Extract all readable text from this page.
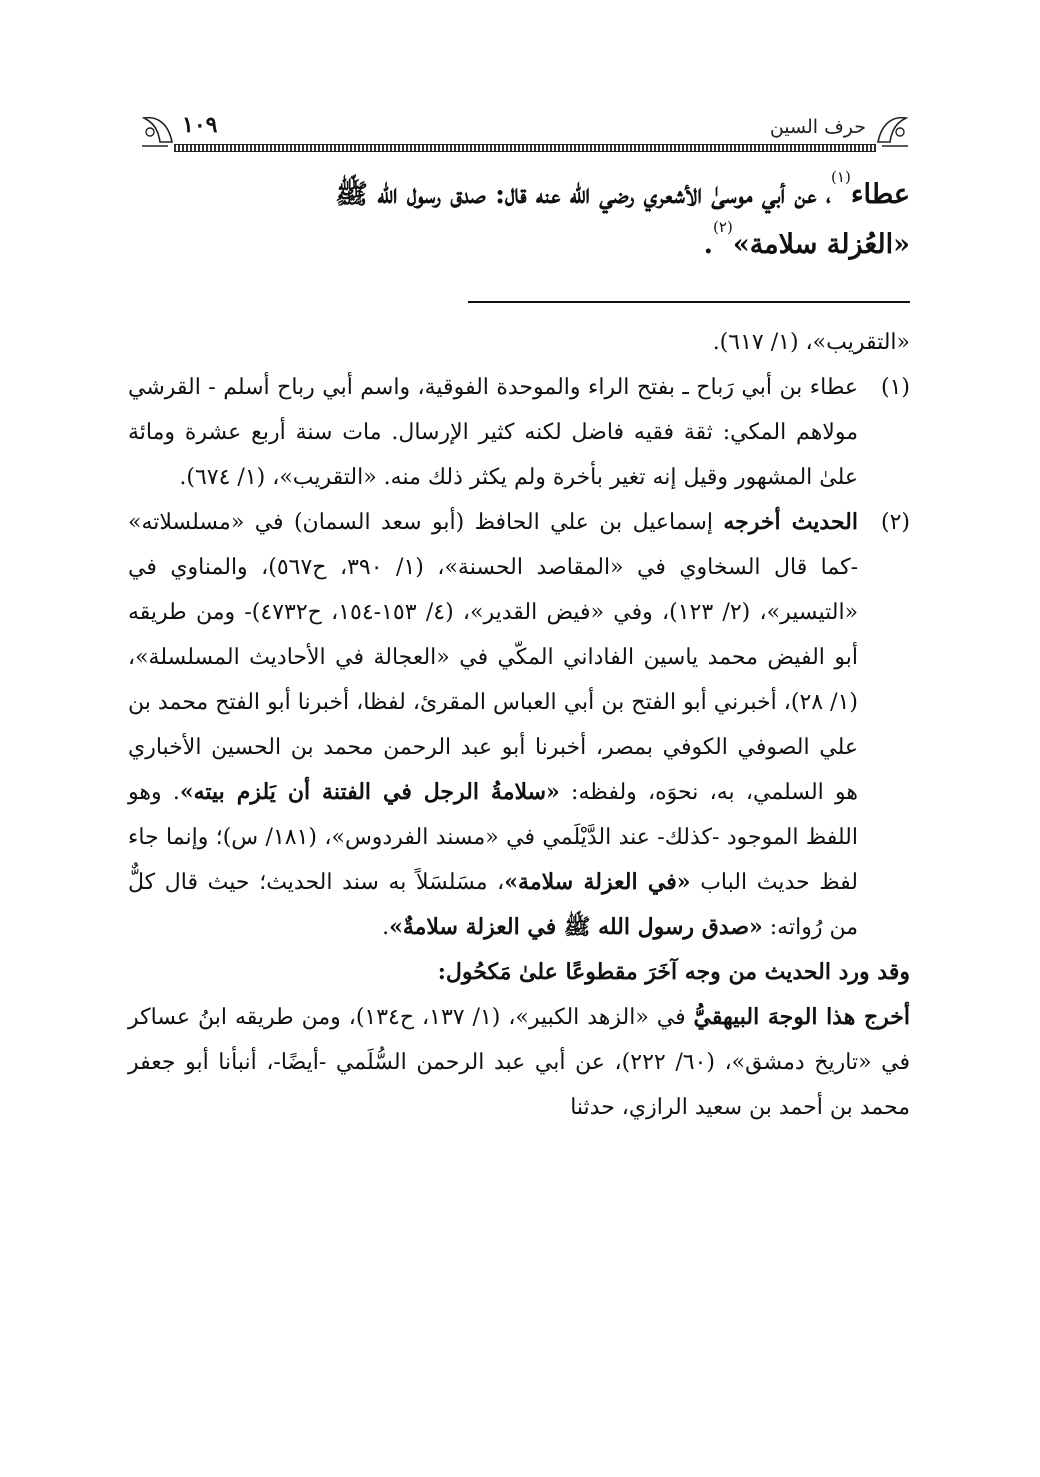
حرف السين
١٠٩

عطاء$^{(١)}$، عن أبي موسىٰ الأشعري رضي الله عنه قال: صدق رسول الله ﷺ

«العُزلة سلامة»$^{(٢)}$.

«التقريب»، (١/ ٦١٧).

(١)
عطاء بن أبي رَباح ـ بفتح الراء والموحدة الفوقية، واسم أبي رباح أسلم - القرشي مولاهم المكي: ثقة فقيه فاضل لكنه كثير الإرسال. مات سنة أربع عشرة ومائة علىٰ المشهور وقيل إنه تغير بأخرة ولم يكثر ذلك منه. «التقريب»، (١/ ٦٧٤).

(٢)
الحديث أخرجه إسماعيل بن علي الحافظ (أبو سعد السمان) في «مسلسلاته» -كما قال السخاوي في «المقاصد الحسنة»، (١/ ٣٩٠، ح٥٦٧)، والمناوي في «التيسير»، (٢/ ١٢٣)، وفي «فيض القدير»، (٤/ ١٥٣-١٥٤، ح٤٧٣٢)- ومن طريقه أبو الفيض محمد ياسين الفاداني المكّي في «العجالة في الأحاديث المسلسلة»، (١/ ٢٨)، أخبرني أبو الفتح بن أبي العباس المقرئ، لفظا، أخبرنا أبو الفتح محمد بن علي الصوفي الكوفي بمصر، أخبرنا أبو عبد الرحمن محمد بن الحسين الأخباري هو السلمي، به، نحوَه، ولفظه: «سلامةُ الرجل في الفتنة أن يَلزم بيته». وهو اللفظ الموجود -كذلك- عند الدَّيْلَمي في «مسند الفردوس»، (١٨١/ س)؛ وإنما جاء لفظ حديث الباب «في العزلة سلامة»، مسَلسَلاً به سند الحديث؛ حيث قال كلٌّ من رُواته: «صدق رسول الله ﷺ في العزلة سلامةٌ».

وقد ورد الحديث من وجه آخَرَ مقطوعًا علىٰ مَكحُول:

أخرج هذا الوجهَ البيهقيُّ في «الزهد الكبير»، (١/ ١٣٧، ح١٣٤)، ومن طريقه ابنُ عساكر في «تاريخ دمشق»، (٦٠/ ٢٢٢)، عن أبي عبد الرحمن السُّلَمي -أيضًا-، أنبأنا أبو جعفر محمد بن أحمد بن سعيد الرازي، حدثنا
